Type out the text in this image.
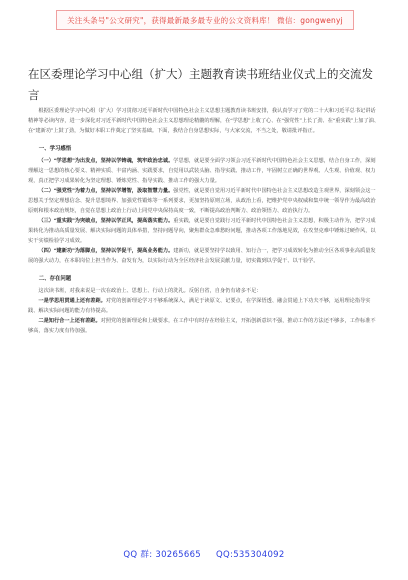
关注头条号"公文研究"，获得最新最多最专业的公文资料库！ 微信：gongwenyj
在区委理论学习中心组（扩大）主题教育读书班结业仪式上的交流发言

根据区委理论学习中心组（扩大）学习贯彻习近平新时代中国特色社会主义思想主题教育读书班安排，我认真学习了党的二十大和习近平总书记讲话精神等必读内容，进一步深化对习近平新时代中国特色社会主义思想理论精髓的理解，在“学思想”上收了心、在“强党性”上长了劲、在“重实践”上加了油、在“建新功”上鼓了劲，为做好本职工作奠定了坚实基础。下面，我结合自身思想实际，与大家交流，不当之处，敬请批评指正。

一、学习感悟

（一）“学思想”为出发点，坚持以学铸魂，筑牢政治忠诚。学思想，就是要全面学习领会习近平新时代中国特色社会主义思想，结合自身工作，深刻理解这一思想的核心要义、精神实质、丰富内涵、实践要求，自觉用以武装头脑、指导实践、推动工作，牢固树立正确的世界观、人生观、价值观、权力观，真正把学习成果转化为坚定理想、锤炼党性、指导实践、推动工作的强大力量。

（二）“强党性”为着力点，坚持以学增智，汲取智慧力量。强党性，就是要自觉用习近平新时代中国特色社会主义思想改造主观世界，深刻领会这一思想关于坚定理想信念、提升思想境界、加强党性锻炼等一系列要求，更加坚持原则立场，从政治上看，把维护党中央权威和集中统一领导作为最高政治原则和根本政治规矩，自觉在思想上政治上行动上同党中央保持高度一致，不断提高政治判断力、政治领悟力、政治执行力。

（三）“重实践”为突破点，坚持以学正风，提高落实能力。重实践，就是要自觉践行习近平新时代中国特色社会主义思想，积极主动作为，把学习成果转化为推动高质量发展、解决实际问题的具体举措，坚持问题导向，聚焦群众急难愁盼问题，推动各项工作落地见效，在攻坚克难中锤炼过硬作风，以实干实绩检验学习成效。

（四）“建新功”为落脚点，坚持以学促干，提高业务能力。建新功，就是要坚持学以致用、知行合一，把学习成效转化为推动全区各项事业高质量发展的强大动力，在本职岗位上担当作为、奋发有为，以实际行动为全区经济社会发展贡献力量，切实做到以学促干、以干验学。

二、存在问题

这次读书班，对我来说是一次在政治上、思想上、行动上的洗礼。反躬自省，自身仍有诸多不足：

一是学思用贯通上还有差距。对党的创新理论学习不够系统深入，满足于读原文、记要点，在学深悟透、融会贯通上下功夫不够，运用理论指导实践、解决实际问题的能力有待提高。

二是知行合一上还有差距。对照党的创新理论和上级要求，在工作中有时存在经验主义，开拓创新意识不强，推动工作的方法还不够多，工作标准不够高，落实力度有待加强。

QQ 群: 30265665 QQ:535304092
